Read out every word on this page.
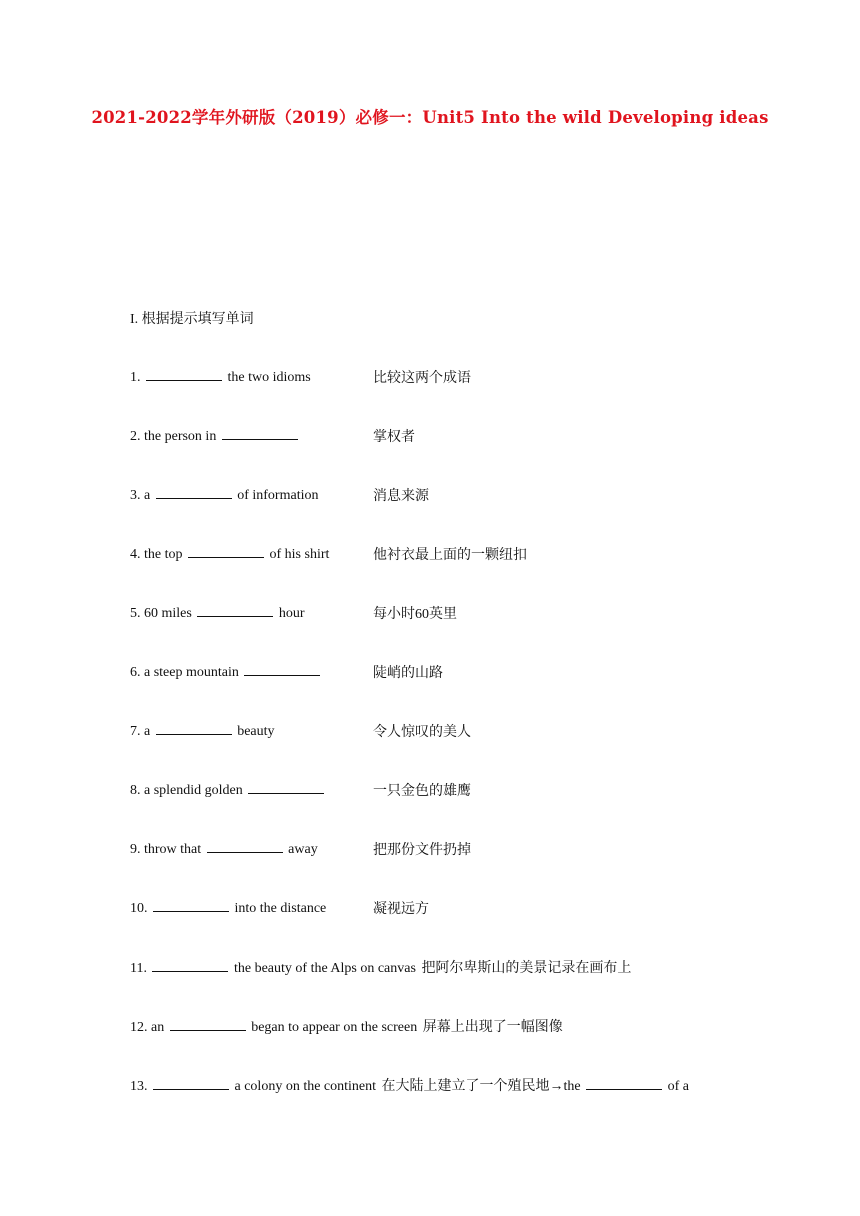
2021-2022学年外研版（2019）必修一：Unit5 Into the wild Developing ideas
I. 根据提示填写单词
1.	the two idioms	比较这两个成语
2. the person in	掌权者
3. a	of information	消息来源
4. the top	of his shirt	他衬衣最上面的一颗纽扣
5. 60 miles	hour	每小时60英里
6. a steep mountain	陡峭的山路
7. a	beauty	令人惊叹的美人
8. a splendid golden	一只金色的雄鹰
9. throw that	away	把那份文件扔掉
10.	into the distance	凝视远方
11.	the beauty of the Alps on canvas 把阿尔卑斯山的美景记录在画布上
12. an	began to appear on the screen 屏幕上出现了一幅图像
13.	a colony on the continent 在大陆上建立了一个殖民地→the	of a
